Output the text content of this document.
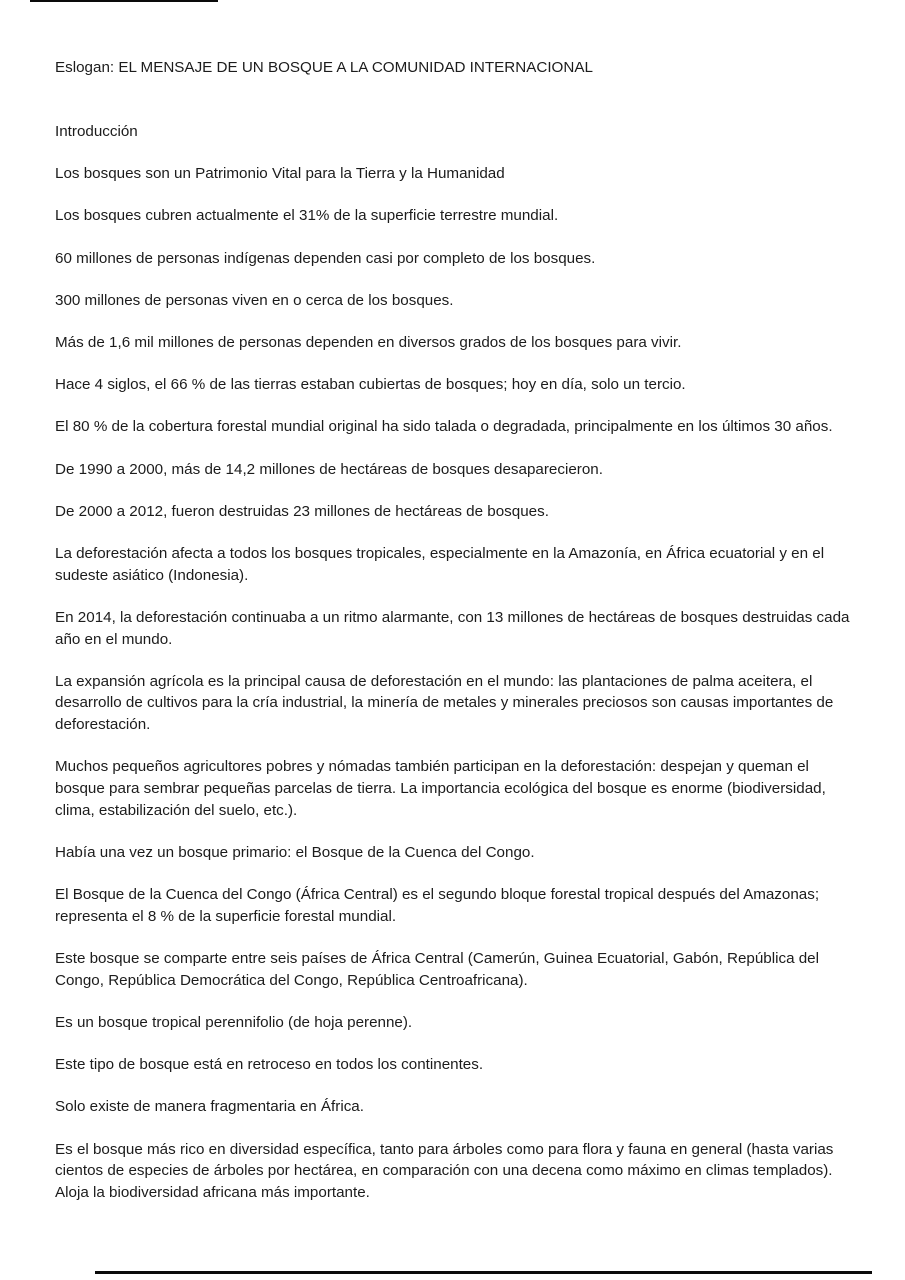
Eslogan: EL MENSAJE DE UN BOSQUE A LA COMUNIDAD INTERNACIONAL

Introducción

Los bosques son un Patrimonio Vital para la Tierra y la Humanidad

Los bosques cubren actualmente el 31% de la superficie terrestre mundial.

60 millones de personas indígenas dependen casi por completo de los bosques.

300 millones de personas viven en o cerca de los bosques.

Más de 1,6 mil millones de personas dependen en diversos grados de los bosques para vivir.

Hace 4 siglos, el 66 % de las tierras estaban cubiertas de bosques; hoy en día, solo un tercio.

El 80 % de la cobertura forestal mundial original ha sido talada o degradada, principalmente en los últimos 30 años.

De 1990 a 2000, más de 14,2 millones de hectáreas de bosques desaparecieron.

De 2000 a 2012, fueron destruidas 23 millones de hectáreas de bosques.

La deforestación afecta a todos los bosques tropicales, especialmente en la Amazonía, en África ecuatorial y en el
sudeste asiático (Indonesia).

En 2014, la deforestación continuaba a un ritmo alarmante, con 13 millones de hectáreas de bosques destruidas cada
año en el mundo.

La expansión agrícola es la principal causa de deforestación en el mundo: las plantaciones de palma aceitera, el
desarrollo de cultivos para la cría industrial, la minería de metales y minerales preciosos son causas importantes de
deforestación.

Muchos pequeños agricultores pobres y nómadas también participan en la deforestación: despejan y queman el
bosque para sembrar pequeñas parcelas de tierra. La importancia ecológica del bosque es enorme (biodiversidad,
clima, estabilización del suelo, etc.).

Había una vez un bosque primario: el Bosque de la Cuenca del Congo.

El Bosque de la Cuenca del Congo (África Central) es el segundo bloque forestal tropical después del Amazonas;
representa el 8 % de la superficie forestal mundial.

Este bosque se comparte entre seis países de África Central (Camerún, Guinea Ecuatorial, Gabón, República del
Congo, República Democrática del Congo, República Centroafricana).

Es un bosque tropical perennifolio (de hoja perenne).

Este tipo de bosque está en retroceso en todos los continentes.

Solo existe de manera fragmentaria en África.

Es el bosque más rico en diversidad específica, tanto para árboles como para flora y fauna en general (hasta varias
cientos de especies de árboles por hectárea, en comparación con una decena como máximo en climas templados).
Aloja la biodiversidad africana más importante.
